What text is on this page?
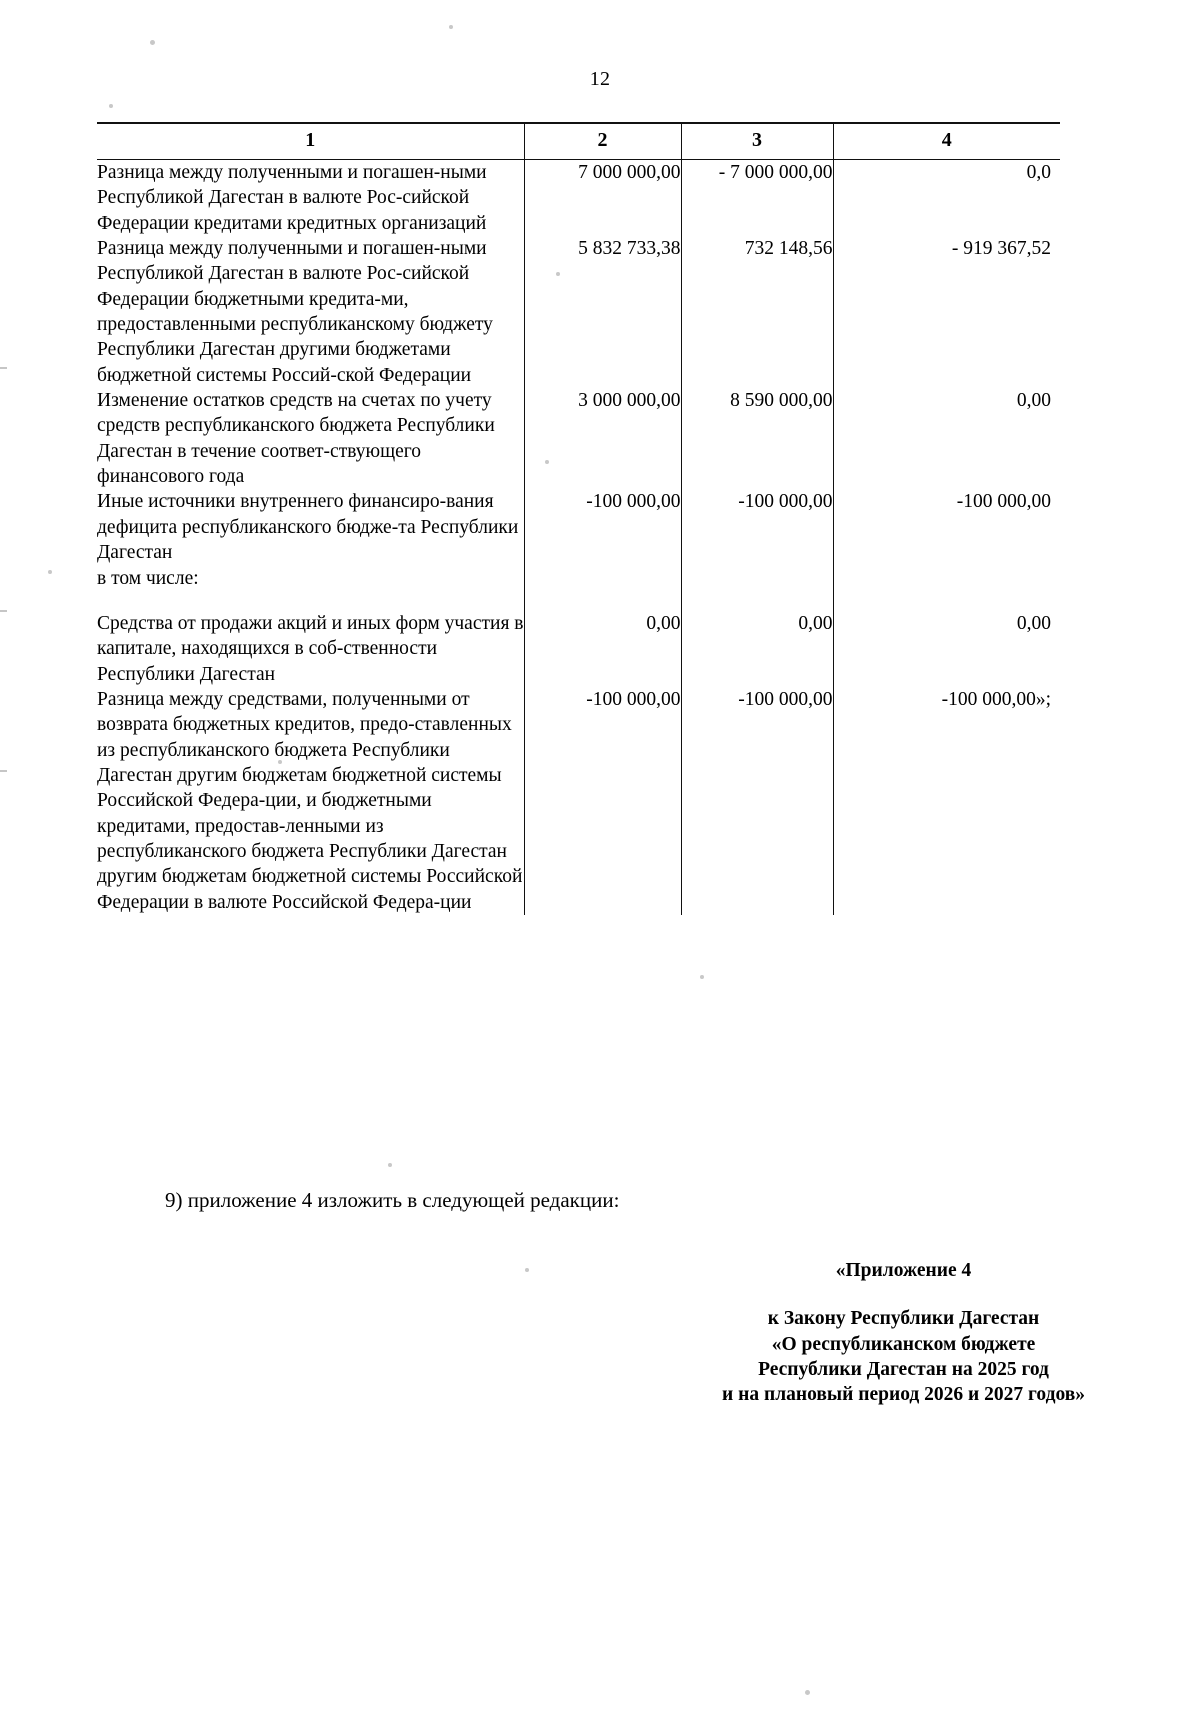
12
1	2	3	4
Разница между полученными и погашен-ными Республикой Дагестан в валюте Рос-сийской Федерации кредитами кредитных организаций	7 000 000,00	- 7 000 000,00	0,0
Разница между полученными и погашен-ными Республикой Дагестан в валюте Рос-сийской Федерации бюджетными кредита-ми, предоставленными республиканскому бюджету Республики Дагестан другими бюджетами бюджетной системы Россий-ской Федерации	5 832 733,38	732 148,56	- 919 367,52
Изменение остатков средств на счетах по учету средств республиканского бюджета Республики Дагестан в течение соответ-ствующего финансового года	3 000 000,00	8 590 000,00	0,00
Иные источники внутреннего финансиро-вания дефицита республиканского бюдже-та Республики Дагестан	-100 000,00	-100 000,00	-100 000,00
в том числе:			
Средства от продажи акций и иных форм участия в капитале, находящихся в соб-ственности Республики Дагестан	0,00	0,00	0,00
Разница между средствами, полученными от возврата бюджетных кредитов, предо-ставленных из республиканского бюджета Республики Дагестан другим бюджетам бюджетной системы Российской Федера-ции, и бюджетными кредитами, предостав-ленными из республиканского бюджета Республики Дагестан другим бюджетам бюджетной системы Российской Федерации в валюте Российской Федера-ции	-100 000,00	-100 000,00	-100 000,00»;
9) приложение 4 изложить в следующей редакции:
«Приложение 4
к Закону Республики Дагестан
«О республиканском бюджете
Республики Дагестан на 2025 год
и на плановый период 2026 и 2027 годов»
